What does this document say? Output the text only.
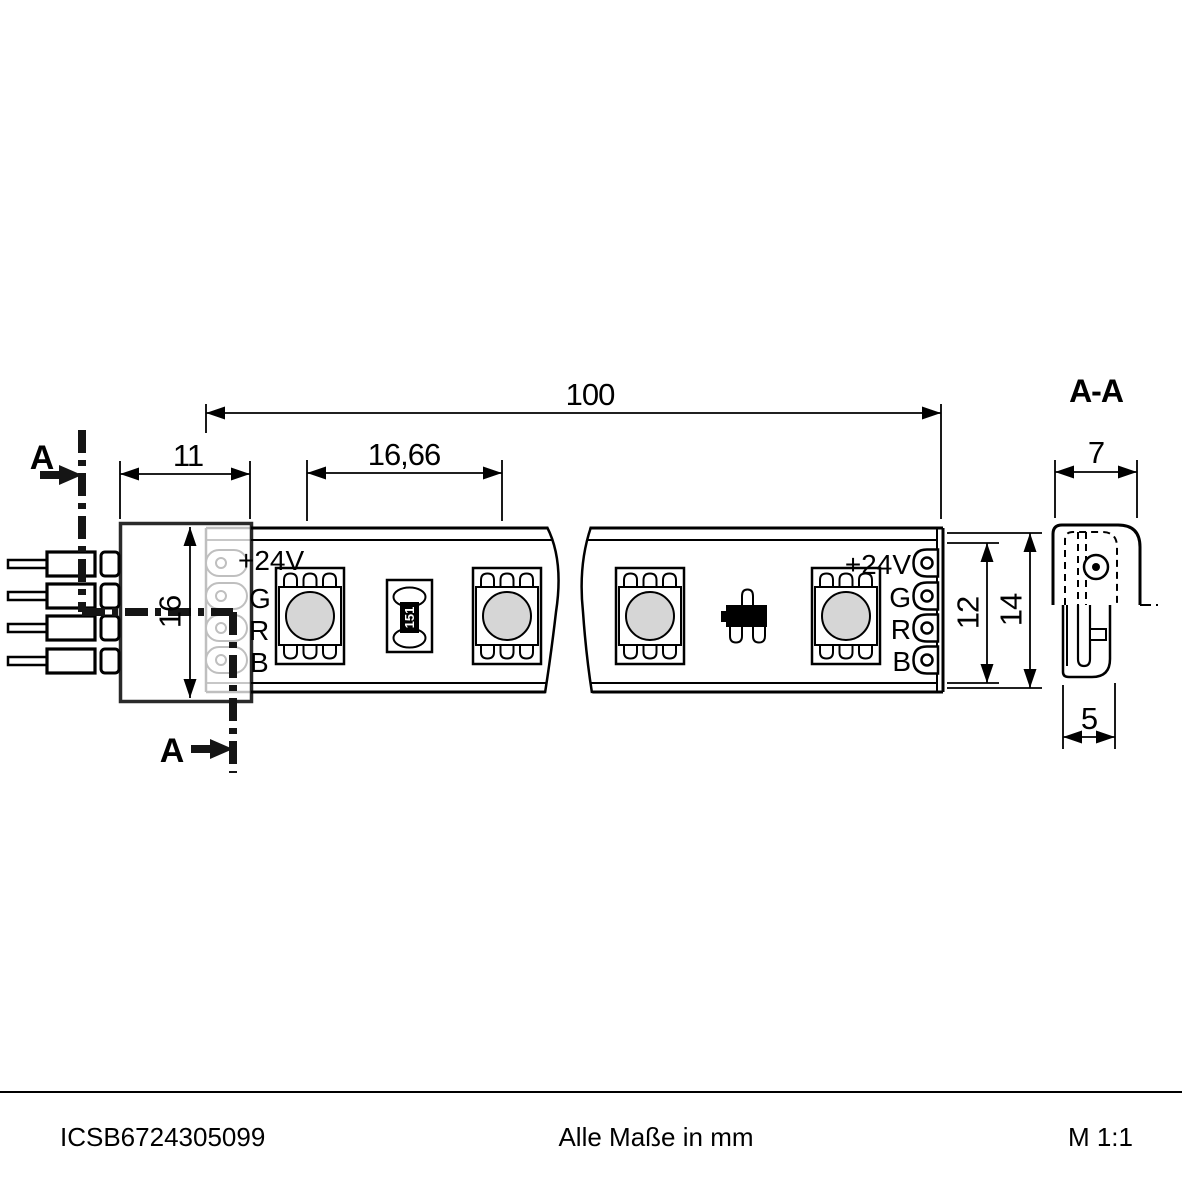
151
A
A
+24V
G
R
B
+24V
G
R
B
100
11	16,66
16	12 14
A-A
7
5
ICSB6724305099	Alle Maße in mm	M 1:1
